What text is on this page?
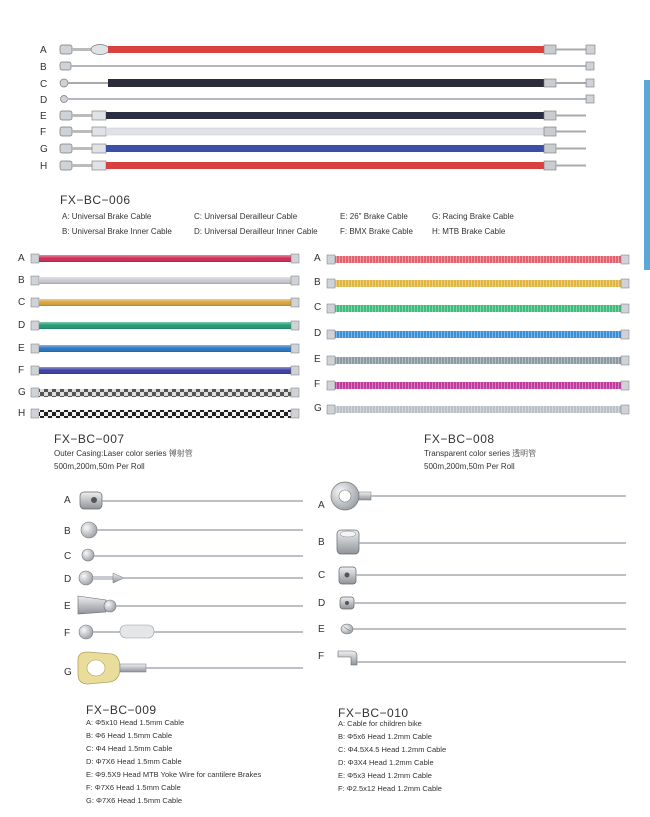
A
B
C
D
E
F
G
H
FX−BC−006
A: Universal Brake Cable
B: Universal Brake Inner Cable
C: Universal Derailleur Cable
D: Universal Derailleur Inner Cable
E: 26" Brake Cable
F: BMX Brake Cable
G: Racing Brake Cable
H: MTB Brake Cable
A
B
C
D
E
F
G
H
FX−BC−007
Outer Casing:Laser color series 镈射管
500m,200m,50m Per Roll
A
B
C
D
E
F
G
FX−BC−008
Transparent color series 透明管
500m,200m,50m Per Roll
A
B
C
D
E
F
G
FX−BC−009
A: Φ5x10 Head 1.5mm Cable
B: Φ6 Head 1.5mm Cable
C: Φ4 Head 1.5mm Cable
D: Φ7X6 Head 1.5mm Cable
E: Φ9.5X9 Head MTB Yoke Wire for cantilere Brakes
F: Φ7X6 Head 1.5mm Cable
G: Φ7X6 Head 1.5mm Cable
A
B
C
D
E
F
FX−BC−010
A: Cable for children bike
B: Φ5x6 Head 1.2mm Cable
C: Φ4.5X4.5 Head 1.2mm Cable
D: Φ3X4 Head 1.2mm Cable
E: Φ5x3 Head 1.2mm Cable
F: Φ2.5x12 Head 1.2mm Cable
